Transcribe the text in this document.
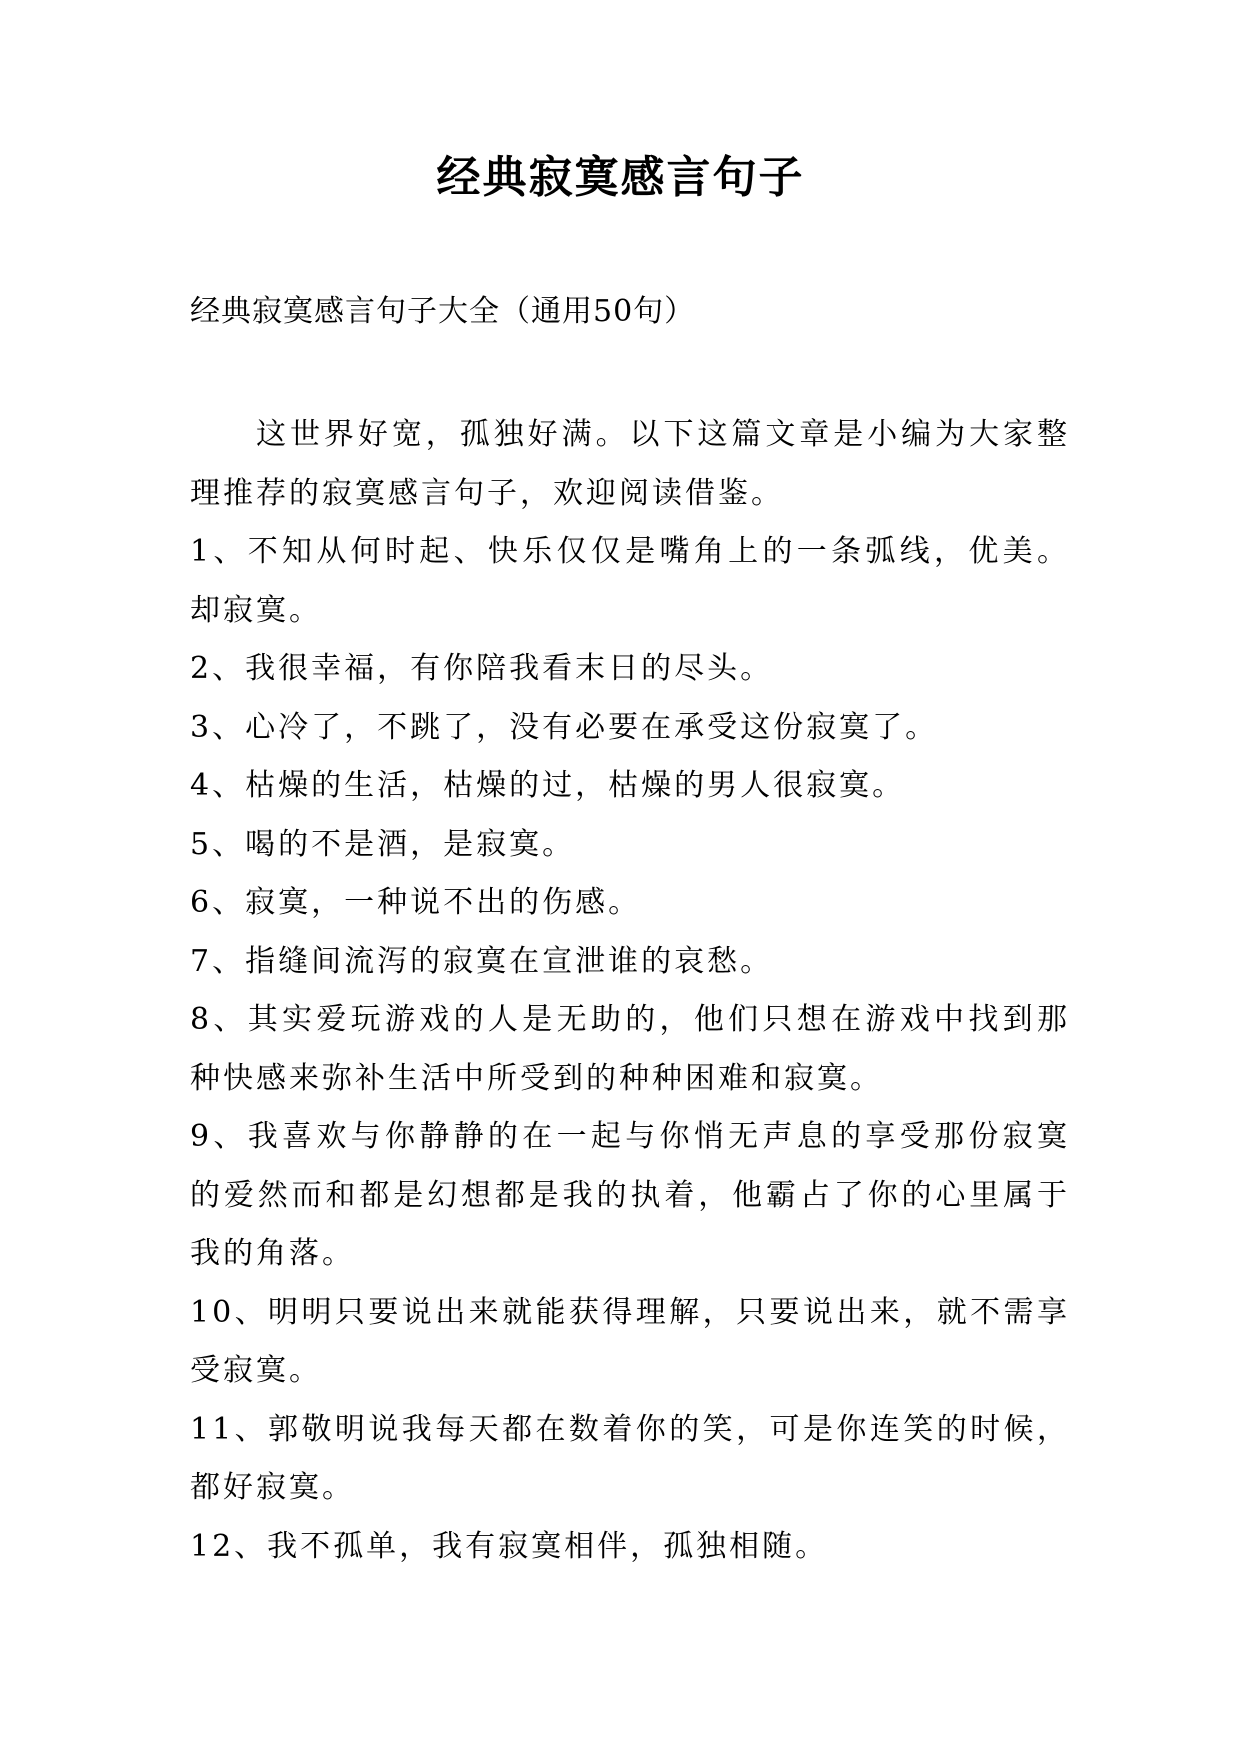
经典寂寞感言句子
经典寂寞感言句子大全（通用50句）

这世界好宽，孤独好满。以下这篇文章是小编为大家整理推荐的寂寞感言句子，欢迎阅读借鉴。

1、不知从何时起、快乐仅仅是嘴角上的一条弧线，优美。却寂寞。

2、我很幸福，有你陪我看末日的尽头。

3、心冷了，不跳了，没有必要在承受这份寂寞了。

4、枯燥的生活，枯燥的过，枯燥的男人很寂寞。

5、喝的不是酒，是寂寞。

6、寂寞，一种说不出的伤感。

7、指缝间流泻的寂寞在宣泄谁的哀愁。

8、其实爱玩游戏的人是无助的，他们只想在游戏中找到那种快感来弥补生活中所受到的种种困难和寂寞。

9、我喜欢与你静静的在一起与你悄无声息的享受那份寂寞的爱然而和都是幻想都是我的执着，他霸占了你的心里属于我的角落。

10、明明只要说出来就能获得理解，只要说出来，就不需享受寂寞。

11、郭敬明说我每天都在数着你的笑，可是你连笑的时候，都好寂寞。

12、我不孤单，我有寂寞相伴，孤独相随。
